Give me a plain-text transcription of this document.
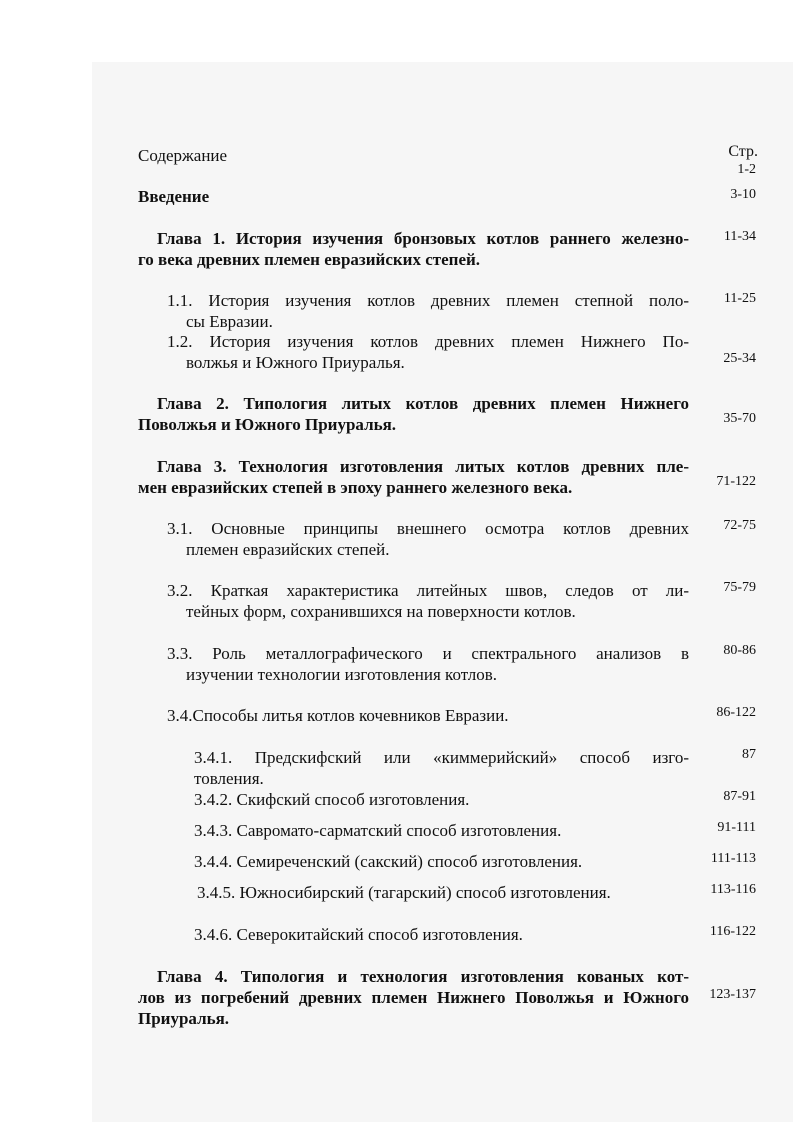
Содержание	Стр.
1-2
Введение	3-10
Глава 1. История изучения бронзовых котлов раннего железно-
го века древних племен евразийских степей.
11-34
1.1. История изучения котлов древних племен степной поло-
сы Евразии.
11-25
1.2. История изучения котлов древних племен Нижнего По-
волжья и Южного Приуралья.	25-34
Глава 2. Типология литых котлов древних племен Нижнего
Поволжья и Южного Приуралья.	35-70
Глава 3. Технология изготовления литых котлов древних пле-
мен евразийских степей в эпоху раннего железного века.	71-122
3.1. Основные принципы внешнего осмотра котлов древних
племен евразийских степей.
72-75
3.2. Краткая характеристика литейных швов, следов от ли-
тейных форм, сохранившихся на поверхности котлов.
75-79
3.3. Роль металлографического и спектрального анализов в
изучении технологии изготовления котлов.
80-86
3.4.Способы литья котлов кочевников Евразии.	86-122
3.4.1. Предскифский или «киммерийский» способ изго-
товления.
87
3.4.2. Скифский способ изготовления.	87-91
3.4.3. Савромато-сарматский способ изготовления.	91-111
3.4.4. Семиреченский (сакский) способ изготовления.	111-113
3.4.5. Южносибирский (тагарский) способ изготовления.	113-116
3.4.6. Северокитайский способ изготовления.	116-122
Глава 4. Типология и технология изготовления кованых кот-
лов из погребений древних племен Нижнего Поволжья и Южного
Приуралья.
123-137
